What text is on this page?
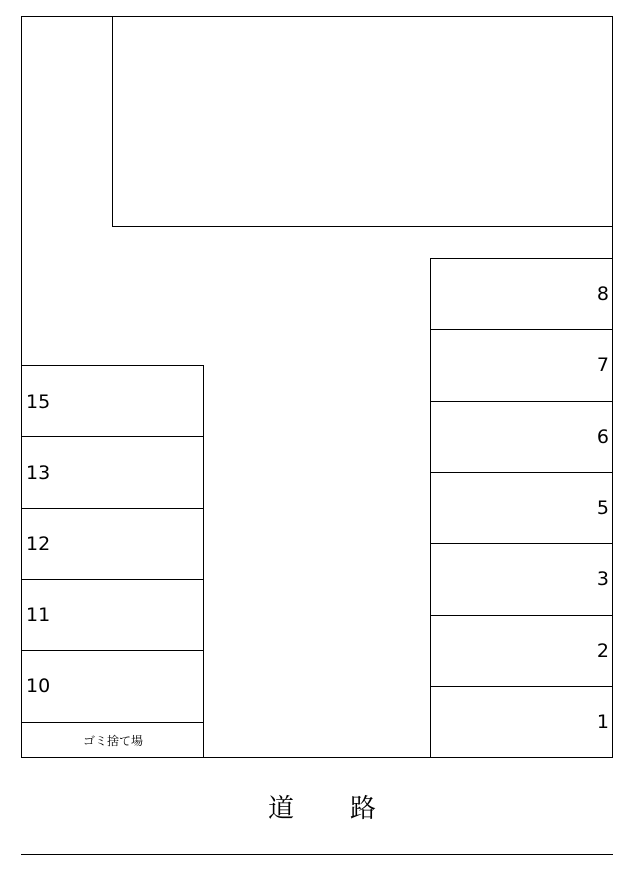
15
13
12
11
10
ゴミ捨て場
8
7
6
5
3
2
1
道路
